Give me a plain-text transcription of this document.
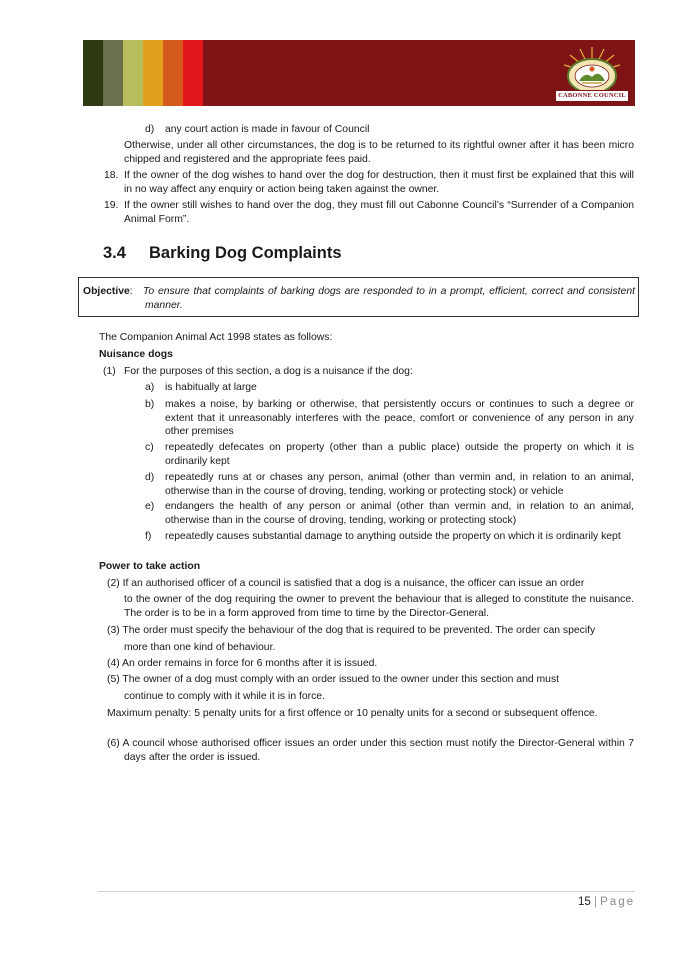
CABONNE COUNCIL

d) any court action is made in favour of Council

Otherwise, under all other circumstances, the dog is to be returned to its rightful owner after it has been micro chipped and registered and the appropriate fees paid.

18. If the owner of the dog wishes to hand over the dog for destruction, then it must first be explained that this will in no way affect any enquiry or action being taken against the owner.

19. If the owner still wishes to hand over the dog, they must fill out Cabonne Council’s “Surrender of a Companion Animal Form”.

3.4 Barking Dog Complaints

Objective: To ensure that complaints of barking dogs are responded to in a prompt, efficient, correct and consistent manner.

The Companion Animal Act 1998 states as follows:

Nuisance dogs

(1) For the purposes of this section, a dog is a nuisance if the dog:

a) is habitually at large

b) makes a noise, by barking or otherwise, that persistently occurs or continues to such a degree or extent that it unreasonably interferes with the peace, comfort or convenience of any person in any other premises

c) repeatedly defecates on property (other than a public place) outside the property on which it is ordinarily kept

d) repeatedly runs at or chases any person, animal (other than vermin and, in relation to an animal, otherwise than in the course of droving, tending, working or protecting stock) or vehicle

e) endangers the health of any person or animal (other than vermin and, in relation to an animal, otherwise than in the course of droving, tending, working or protecting stock)

f) repeatedly causes substantial damage to anything outside the property on which it is ordinarily kept

Power to take action

(2) If an authorised officer of a council is satisfied that a dog is a nuisance, the officer can issue an order

to the owner of the dog requiring the owner to prevent the behaviour that is alleged to constitute the nuisance. The order is to be in a form approved from time to time by the Director-General.

(3) The order must specify the behaviour of the dog that is required to be prevented. The order can specify

more than one kind of behaviour.

(4) An order remains in force for 6 months after it is issued.

(5) The owner of a dog must comply with an order issued to the owner under this section and must

continue to comply with it while it is in force.

Maximum penalty: 5 penalty units for a first offence or 10 penalty units for a second or subsequent offence.

(6) A council whose authorised officer issues an order under this section must notify the Director-General within 7 days after the order is issued.

15 | Page
